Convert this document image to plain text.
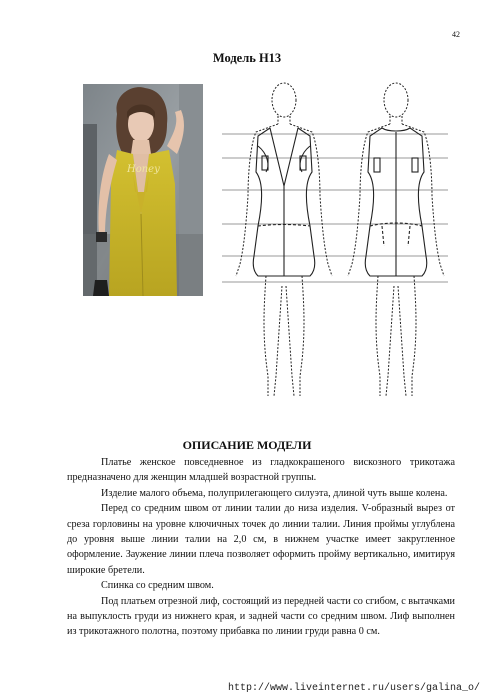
42
Модель Н13
Honey
ОПИСАНИЕ МОДЕЛИ

Платье женское повседневное из гладкокрашеного вискозного трикотажа предназначено для женщин младшей возрастной группы.

Изделие малого объема, полуприлегающего силуэта, длиной чуть выше колена.

Перед со средним швом от линии талии до низа изделия. V-образный вырез от среза горловины на уровне ключичных точек до линии талии. Линия проймы углублена до уровня выше линии талии на 2,0 см, в нижнем участке имеет закругленное оформление. Заужение линии плеча позволяет оформить пройму вертикально, имитируя широкие бретели.

Спинка со средним швом.

Под платьем отрезной лиф, состоящий из передней части со сгибом, с вытачками на выпуклость груди из нижнего края, и задней части со средним швом. Лиф выполнен из трикотажного полотна, поэтому прибавка по линии груди равна 0 см.

http://www.liveinternet.ru/users/galina_o/
